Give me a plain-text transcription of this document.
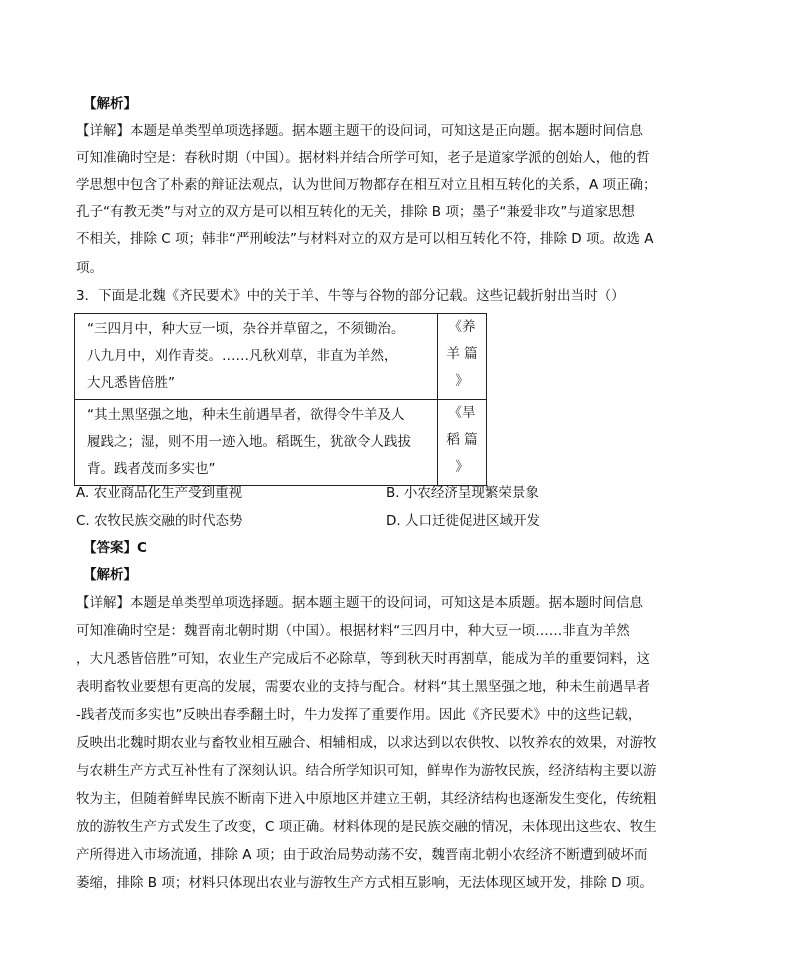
【解析】
【详解】本题是单类型单项选择题。据本题主题干的设问词，可知这是正向题。据本题时间信息
可知准确时空是：春秋时期（中国）。据材料并结合所学可知，老子是道家学派的创始人，他的哲
学思想中包含了朴素的辩证法观点，认为世间万物都存在相互对立且相互转化的关系，A 项正确；
孔子“有教无类”与对立的双方是可以相互转化的无关，排除 B 项；墨子“兼爱非攻”与道家思想
不相关，排除 C 项；韩非“严刑峻法”与材料对立的双方是可以相互转化不符，排除 D 项。故选 A
项。
3．下面是北魏《齐民要术》中的关于羊、牛等与谷物的部分记载。这些记载折射出当时（）
“三四月中，种大豆一顷，杂谷并草留之，不须锄治。
八九月中，刈作青茭。……凡秋刈草，非直为羊然，
大凡悉皆倍胜”	《养
羊 篇
》

“其土黑坚强之地，种未生前遇旱者，欲得令牛羊及人
履践之；湿，则不用一迹入地。稻既生，犹欲令人践拔
背。践者茂而多实也”	《旱
稻 篇
》
A. 农业商品化生产受到重视	B. 小农经济呈现繁荣景象
C. 农牧民族交融的时代态势	D. 人口迁徙促进区域开发
【答案】C
【解析】
【详解】本题是单类型单项选择题。据本题主题干的设问词，可知这是本质题。据本题时间信息
可知准确时空是：魏晋南北朝时期（中国）。根据材料“三四月中，种大豆一顷……非直为羊然
，大凡悉皆倍胜”可知，农业生产完成后不必除草，等到秋天时再割草，能成为羊的重要饲料，这
表明畜牧业要想有更高的发展，需要农业的支持与配合。材料“其土黑坚强之地，种未生前遇旱者
-践者茂而多实也”反映出春季翻土时，牛力发挥了重要作用。因此《齐民要术》中的这些记载，
反映出北魏时期农业与畜牧业相互融合、相辅相成，以求达到以农供牧、以牧养农的效果，对游牧
与农耕生产方式互补性有了深刻认识。结合所学知识可知，鲜卑作为游牧民族，经济结构主要以游
牧为主，但随着鲜卑民族不断南下进入中原地区并建立王朝，其经济结构也逐渐发生变化，传统粗
放的游牧生产方式发生了改变，C 项正确。材料体现的是民族交融的情况，未体现出这些农、牧生
产所得进入市场流通，排除 A 项；由于政治局势动荡不安，魏晋南北朝小农经济不断遭到破坏而
萎缩，排除 B 项；材料只体现出农业与游牧生产方式相互影响，无法体现区域开发，排除 D 项。
